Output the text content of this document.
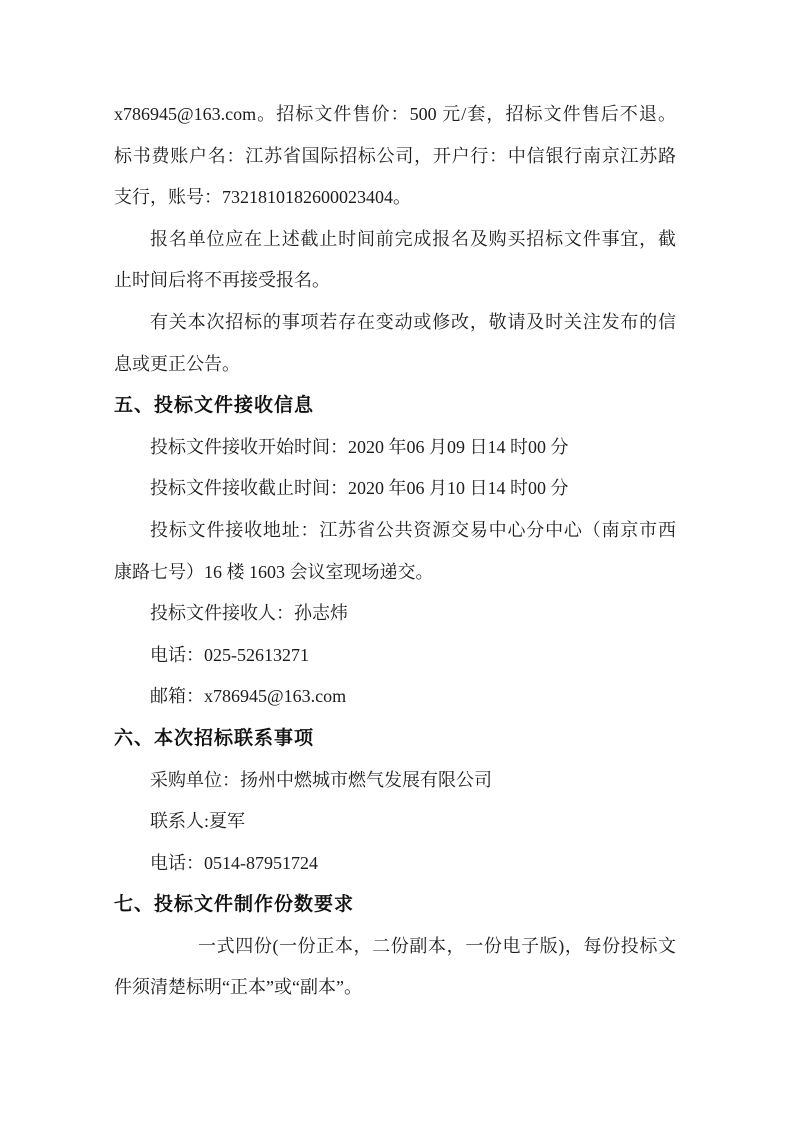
x786945@163.com。招标文件售价：500 元/套，招标文件售后不退。
标书费账户名：江苏省国际招标公司，开户行：中信银行南京江苏路
支行，账号：7321810182600023404。
报名单位应在上述截止时间前完成报名及购买招标文件事宜，截
止时间后将不再接受报名。
有关本次招标的事项若存在变动或修改，敬请及时关注发布的信
息或更正公告。
五、投标文件接收信息
投标文件接收开始时间：2020 年06 月09 日14 时00 分
投标文件接收截止时间：2020 年06 月10 日14 时00 分
投标文件接收地址：江苏省公共资源交易中心分中心（南京市西
康路七号）16 楼 1603 会议室现场递交。
投标文件接收人：孙志炜
电话：025-52613271
邮箱：x786945@163.com
六、本次招标联系事项
采购单位：扬州中燃城市燃气发展有限公司
联系人:夏军
电话：0514-87951724
七、投标文件制作份数要求
一式四份(一份正本，二份副本，一份电子版)，每份投标文
件须清楚标明“正本”或“副本”。
